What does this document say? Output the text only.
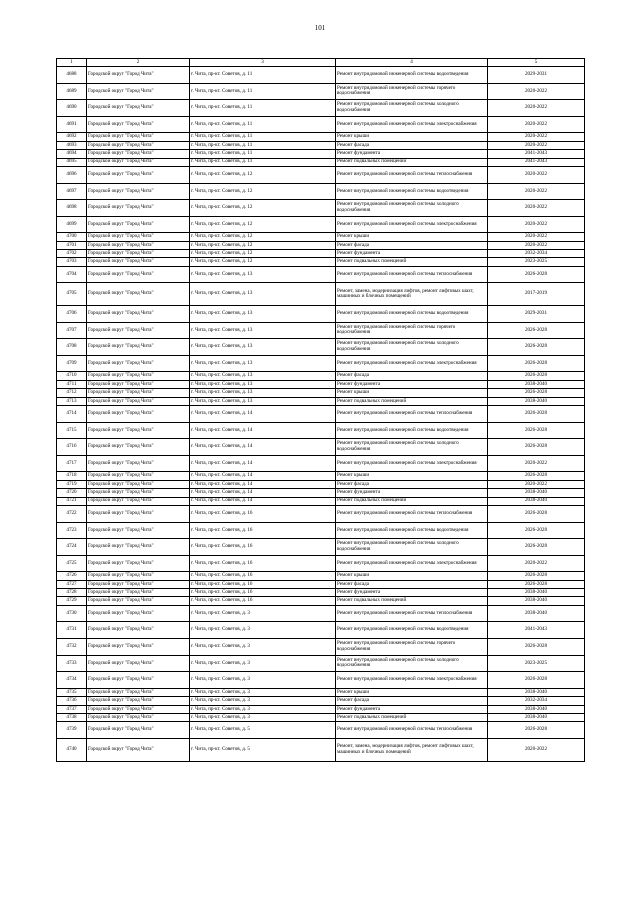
101
1	2	3	4	5
4688	Городской округ "Город Чита"	г. Чита, пр-кт. Советов, д. 11	Ремонт внутридомовой инженерной системы водоотведения	2029-2031
4689	Городской округ "Город Чита"	г. Чита, пр-кт. Советов, д. 11	Ремонт внутридомовой инженерной системы горячего водоснабжения	2020-2022
4690	Городской округ "Город Чита"	г. Чита, пр-кт. Советов, д. 11	Ремонт внутридомовой инженерной системы холодного водоснабжения	2020-2022
4691	Городской округ "Город Чита"	г. Чита, пр-кт. Советов, д. 11	Ремонт внутридомовой инженерной системы электроснабжения	2020-2022
4692	Городской округ "Город Чита"	г. Чита, пр-кт. Советов, д. 11	Ремонт крыши	2020-2022
4693	Городской округ "Город Чита"	г. Чита, пр-кт. Советов, д. 11	Ремонт фасада	2020-2022
4694	Городской округ "Город Чита"	г. Чита, пр-кт. Советов, д. 11	Ремонт фундамента	2041-2043
4695	Городской округ "Город Чита"	г. Чита, пр-кт. Советов, д. 11	Ремонт подвальных помещений	2041-2043
4696	Городской округ "Город Чита"	г. Чита, пр-кт. Советов, д. 12	Ремонт внутридомовой инженерной системы теплоснабжения	2020-2022
4697	Городской округ "Город Чита"	г. Чита, пр-кт. Советов, д. 12	Ремонт внутридомовой инженерной системы водоотведения	2020-2022
4698	Городской округ "Город Чита"	г. Чита, пр-кт. Советов, д. 12	Ремонт внутридомовой инженерной системы холодного водоснабжения	2020-2022
4699	Городской округ "Город Чита"	г. Чита, пр-кт. Советов, д. 12	Ремонт внутридомовой инженерной системы электроснабжения	2020-2022
4700	Городской округ "Город Чита"	г. Чита, пр-кт. Советов, д. 12	Ремонт крыши	2020-2022
4701	Городской округ "Город Чита"	г. Чита, пр-кт. Советов, д. 12	Ремонт фасада	2020-2022
4702	Городской округ "Город Чита"	г. Чита, пр-кт. Советов, д. 12	Ремонт фундамента	2032-2034
4703	Городской округ "Город Чита"	г. Чита, пр-кт. Советов, д. 12	Ремонт подвальных помещений	2023-2025
4704	Городской округ "Город Чита"	г. Чита, пр-кт. Советов, д. 13	Ремонт внутридомовой инженерной системы теплоснабжения	2026-2028
4705	Городской округ "Город Чита"	г. Чита, пр-кт. Советов, д. 13	Ремонт, замена, модернизация лифтов, ремонт лифтовых шахт, машинных и блочных помещений	2017-2019
4706	Городской округ "Город Чита"	г. Чита, пр-кт. Советов, д. 13	Ремонт внутридомовой инженерной системы водоотведения	2029-2031
4707	Городской округ "Город Чита"	г. Чита, пр-кт. Советов, д. 13	Ремонт внутридомовой инженерной системы горячего водоснабжения	2026-2028
4708	Городской округ "Город Чита"	г. Чита, пр-кт. Советов, д. 13	Ремонт внутридомовой инженерной системы холодного водоснабжения	2026-2028
4709	Городской округ "Город Чита"	г. Чита, пр-кт. Советов, д. 13	Ремонт внутридомовой инженерной системы электроснабжения	2026-2028
4710	Городской округ "Город Чита"	г. Чита, пр-кт. Советов, д. 13	Ремонт фасада	2026-2028
4711	Городской округ "Город Чита"	г. Чита, пр-кт. Советов, д. 13	Ремонт фундамента	2038-2040
4712	Городской округ "Город Чита"	г. Чита, пр-кт. Советов, д. 13	Ремонт крыши	2026-2028
4713	Городской округ "Город Чита"	г. Чита, пр-кт. Советов, д. 13	Ремонт подвальных помещений	2038-2040
4714	Городской округ "Город Чита"	г. Чита, пр-кт. Советов, д. 14	Ремонт внутридомовой инженерной системы теплоснабжения	2026-2028
4715	Городской округ "Город Чита"	г. Чита, пр-кт. Советов, д. 14	Ремонт внутридомовой инженерной системы водоотведения	2026-2028
4716	Городской округ "Город Чита"	г. Чита, пр-кт. Советов, д. 14	Ремонт внутридомовой инженерной системы холодного водоснабжения	2026-2028
4717	Городской округ "Город Чита"	г. Чита, пр-кт. Советов, д. 14	Ремонт внутридомовой инженерной системы электроснабжения	2020-2022
4718	Городской округ "Город Чита"	г. Чита, пр-кт. Советов, д. 14	Ремонт крыши	2026-2028
4719	Городской округ "Город Чита"	г. Чита, пр-кт. Советов, д. 14	Ремонт фасада	2020-2022
4720	Городской округ "Город Чита"	г. Чита, пр-кт. Советов, д. 14	Ремонт фундамента	2038-2040
4721	Городской округ "Город Чита"	г. Чита, пр-кт. Советов, д. 14	Ремонт подвальных помещений	2038-2040
4722	Городской округ "Город Чита"	г. Чита, пр-кт. Советов, д. 16	Ремонт внутридомовой инженерной системы теплоснабжения	2026-2028
4723	Городской округ "Город Чита"	г. Чита, пр-кт. Советов, д. 16	Ремонт внутридомовой инженерной системы водоотведения	2026-2028
4724	Городской округ "Город Чита"	г. Чита, пр-кт. Советов, д. 16	Ремонт внутридомовой инженерной системы холодного водоснабжения	2026-2028
4725	Городской округ "Город Чита"	г. Чита, пр-кт. Советов, д. 16	Ремонт внутридомовой инженерной системы электроснабжения	2020-2022
4726	Городской округ "Город Чита"	г. Чита, пр-кт. Советов, д. 16	Ремонт крыши	2026-2028
4727	Городской округ "Город Чита"	г. Чита, пр-кт. Советов, д. 16	Ремонт фасада	2026-2028
4728	Городской округ "Город Чита"	г. Чита, пр-кт. Советов, д. 16	Ремонт фундамента	2038-2040
4729	Городской округ "Город Чита"	г. Чита, пр-кт. Советов, д. 16	Ремонт подвальных помещений	2038-2040
4730	Городской округ "Город Чита"	г. Чита, пр-кт. Советов, д. 3	Ремонт внутридомовой инженерной системы теплоснабжения	2038-2040
4731	Городской округ "Город Чита"	г. Чита, пр-кт. Советов, д. 3	Ремонт внутридомовой инженерной системы водоотведения	2041-2043
4732	Городской округ "Город Чита"	г. Чита, пр-кт. Советов, д. 3	Ремонт внутридомовой инженерной системы горячего водоснабжения	2026-2028
4733	Городской округ "Город Чита"	г. Чита, пр-кт. Советов, д. 3	Ремонт внутридомовой инженерной системы холодного водоснабжения	2023-2025
4734	Городской округ "Город Чита"	г. Чита, пр-кт. Советов, д. 3	Ремонт внутридомовой инженерной системы электроснабжения	2026-2028
4735	Городской округ "Город Чита"	г. Чита, пр-кт. Советов, д. 3	Ремонт крыши	2038-2040
4736	Городской округ "Город Чита"	г. Чита, пр-кт. Советов, д. 3	Ремонт фасада	2032-2034
4737	Городской округ "Город Чита"	г. Чита, пр-кт. Советов, д. 3	Ремонт фундамента	2038-2040
4738	Городской округ "Город Чита"	г. Чита, пр-кт. Советов, д. 3	Ремонт подвальных помещений	2038-2040
4739	Городской округ "Город Чита"	г. Чита, пр-кт. Советов, д. 5	Ремонт внутридомовой инженерной системы теплоснабжения	2026-2028
4740	Городской округ "Город Чита"	г. Чита, пр-кт. Советов, д. 5	Ремонт, замена, модернизация лифтов, ремонт лифтовых шахт, машинных и блочных помещений	2020-2022
